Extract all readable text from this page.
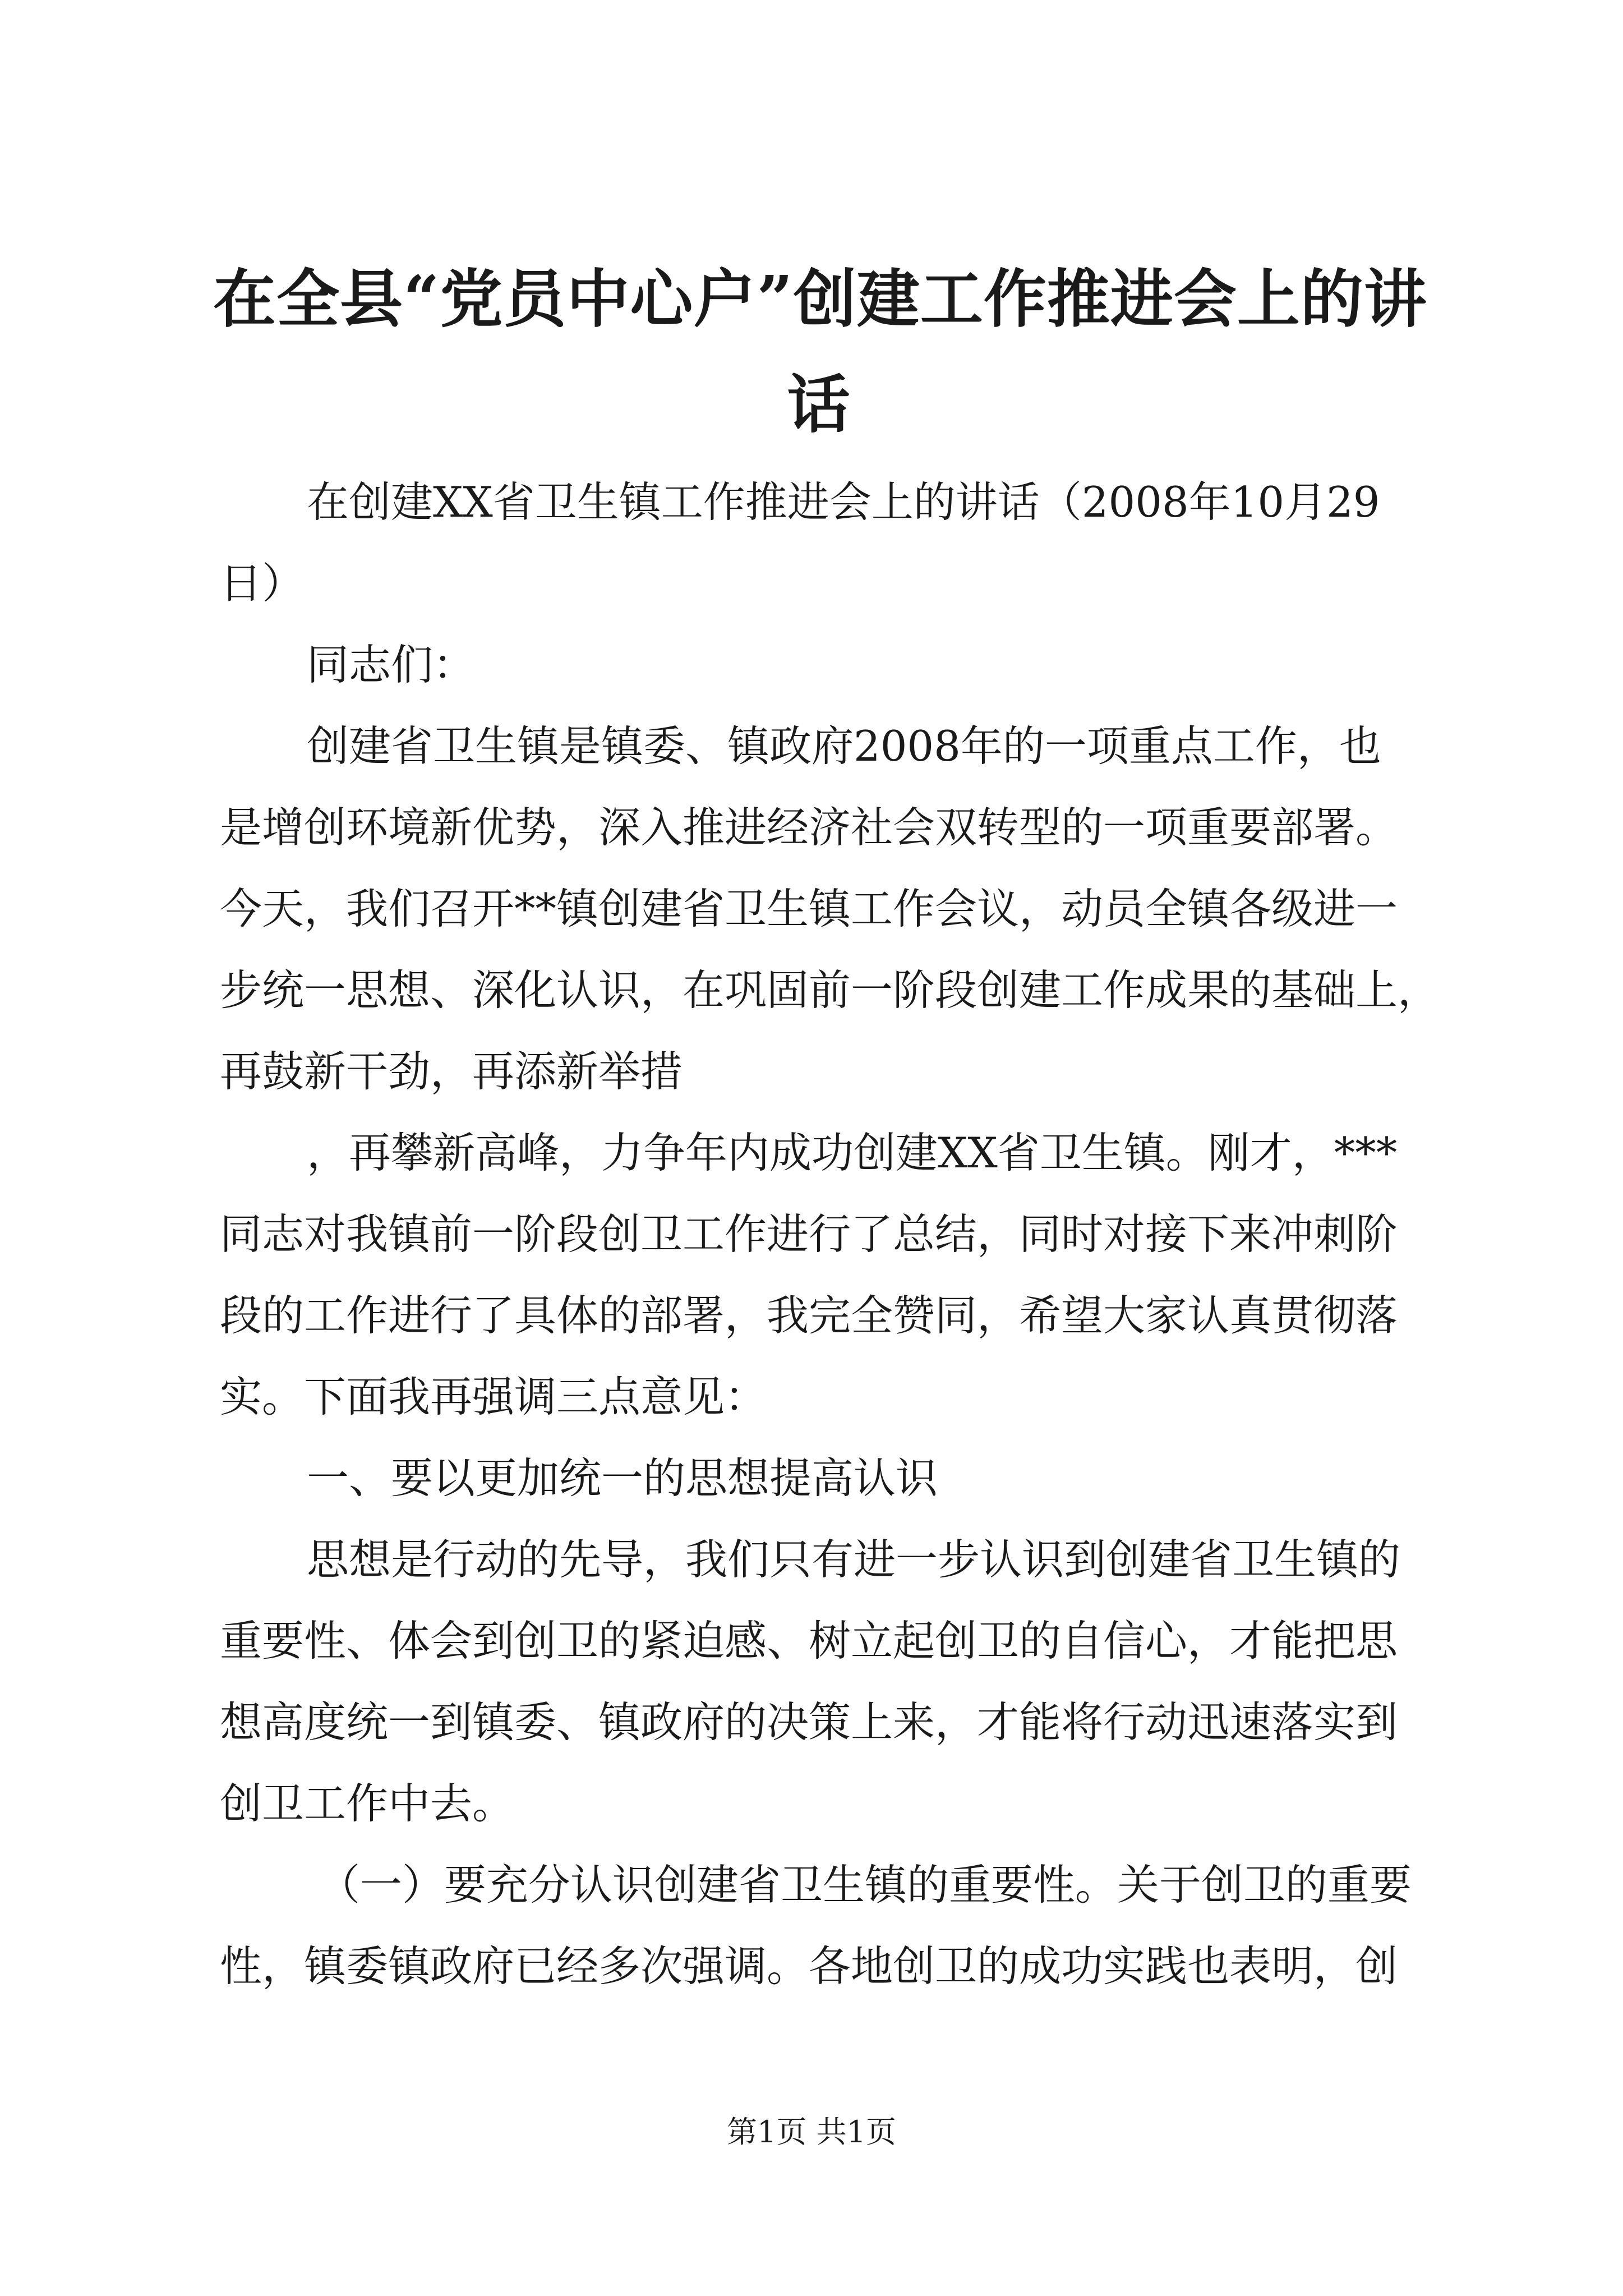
在全县“党员中心户”创建工作推进会上的讲
话
在创建XX省卫生镇工作推进会上的讲话（2008年10月29
日）
同志们：
创建省卫生镇是镇委、镇政府2008年的一项重点工作，也
是增创环境新优势，深入推进经济社会双转型的一项重要部署。
今天，我们召开**镇创建省卫生镇工作会议，动员全镇各级进一
步统一思想、深化认识，在巩固前一阶段创建工作成果的基础上，
再鼓新干劲，再添新举措
，再攀新高峰，力争年内成功创建XX省卫生镇。刚才，***
同志对我镇前一阶段创卫工作进行了总结，同时对接下来冲刺阶
段的工作进行了具体的部署，我完全赞同，希望大家认真贯彻落
实。下面我再强调三点意见：
一、要以更加统一的思想提高认识
思想是行动的先导，我们只有进一步认识到创建省卫生镇的
重要性、体会到创卫的紧迫感、树立起创卫的自信心，才能把思
想高度统一到镇委、镇政府的决策上来，才能将行动迅速落实到
创卫工作中去。
（一）要充分认识创建省卫生镇的重要性。关于创卫的重要
性，镇委镇政府已经多次强调。各地创卫的成功实践也表明，创
第1页 共1页
